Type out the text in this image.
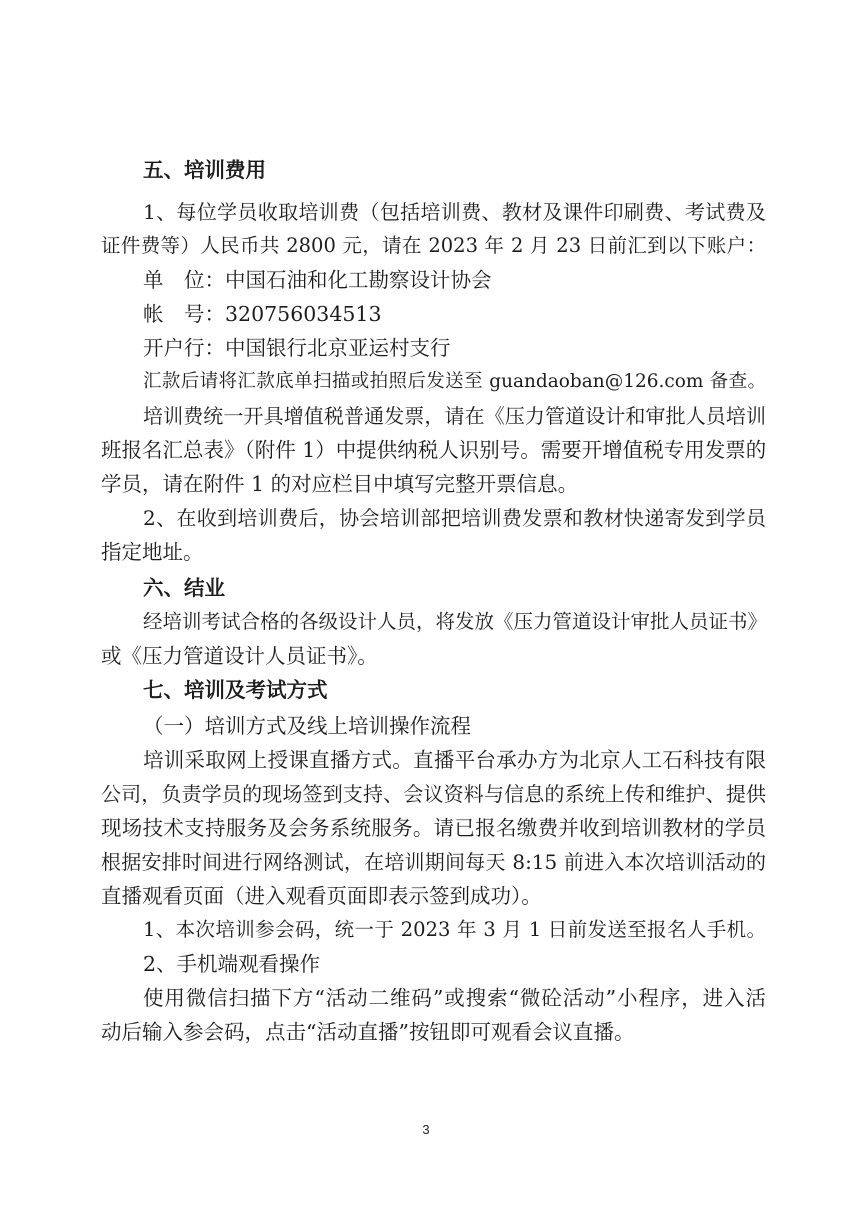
五、培训费用
1、每位学员收取培训费（包括培训费、教材及课件印刷费、考试费及
证件费等）人民币共 2800 元，请在 2023 年 2 月 23 日前汇到以下账户：
单　位：中国石油和化工勘察设计协会
帐　号：320756034513
开户行：中国银行北京亚运村支行
汇款后请将汇款底单扫描或拍照后发送至 guandaoban@126.com 备查。
培训费统一开具增值税普通发票，请在《压力管道设计和审批人员培训
班报名汇总表》（附件 1）中提供纳税人识别号。需要开增值税专用发票的
学员，请在附件 1 的对应栏目中填写完整开票信息。
2、在收到培训费后，协会培训部把培训费发票和教材快递寄发到学员
指定地址。
六、结业
经培训考试合格的各级设计人员，将发放《压力管道设计审批人员证书》
或《压力管道设计人员证书》。
七、培训及考试方式
（一）培训方式及线上培训操作流程
培训采取网上授课直播方式。直播平台承办方为北京人工石科技有限
公司，负责学员的现场签到支持、会议资料与信息的系统上传和维护、提供
现场技术支持服务及会务系统服务。请已报名缴费并收到培训教材的学员
根据安排时间进行网络测试，在培训期间每天 8:15 前进入本次培训活动的
直播观看页面（进入观看页面即表示签到成功）。
1、本次培训参会码，统一于 2023 年 3 月 1 日前发送至报名人手机。
2、手机端观看操作
使用微信扫描下方“活动二维码”或搜索“微砼活动”小程序，进入活
动后输入参会码，点击“活动直播”按钮即可观看会议直播。
3
